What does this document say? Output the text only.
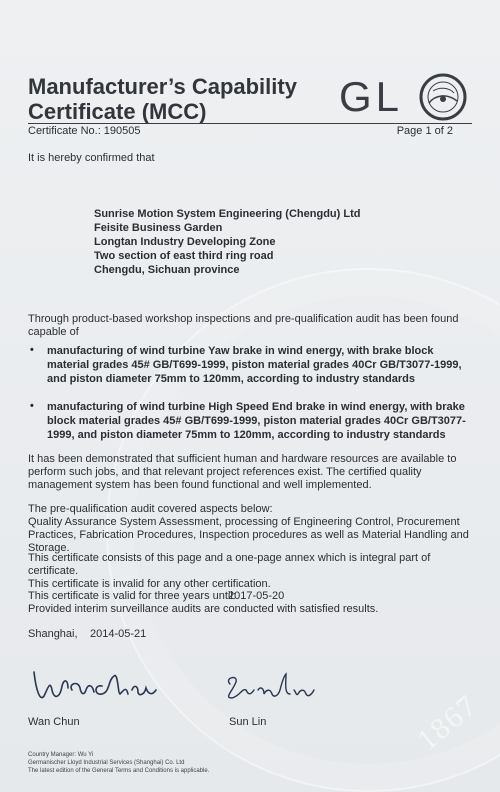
1867
Manufacturer’s Capability
Certificate (MCC)	GL
Certificate No.: 190505	Page 1 of 2
It is hereby confirmed that
Sunrise Motion System Engineering (Chengdu) Ltd
Feisite Business Garden
Longtan Industry Developing Zone
Two section of east third ring road
Chengdu, Sichuan province
Through product-based workshop inspections and pre-qualification audit has been found capable of
• manufacturing of wind turbine Yaw brake in wind energy, with brake block material grades 45# GB/T699-1999, piston material grades 40Cr GB/T3077-1999, and piston diameter 75mm to 120mm, according to industry standards
• manufacturing of wind turbine High Speed End brake in wind energy, with brake block material grades 45# GB/T699-1999, piston material grades 40Cr GB/T3077-1999, and piston diameter 75mm to 120mm, according to industry standards
It has been demonstrated that sufficient human and hardware resources are available to perform such jobs, and that relevant project references exist. The certified quality management system has been found functional and well implemented.
The pre-qualification audit covered aspects below:
Quality Assurance System Assessment, processing of Engineering Control, Procurement Practices, Fabrication Procedures, Inspection procedures as well as Material Handling and Storage.
This certificate consists of this page and a one-page annex which is integral part of certificate.
This certificate is invalid for any other certification.
This certificate is valid for three years until:
Provided interim surveillance audits are conducted with satisfied results.
2017-05-20
Shanghai, 2014-05-21
Wan Chun	Sun Lin
Country Manager: Wu Yi
Germanischer Lloyd Industrial Services (Shanghai) Co. Ltd
The latest edition of the General Terms and Conditions is applicable.
